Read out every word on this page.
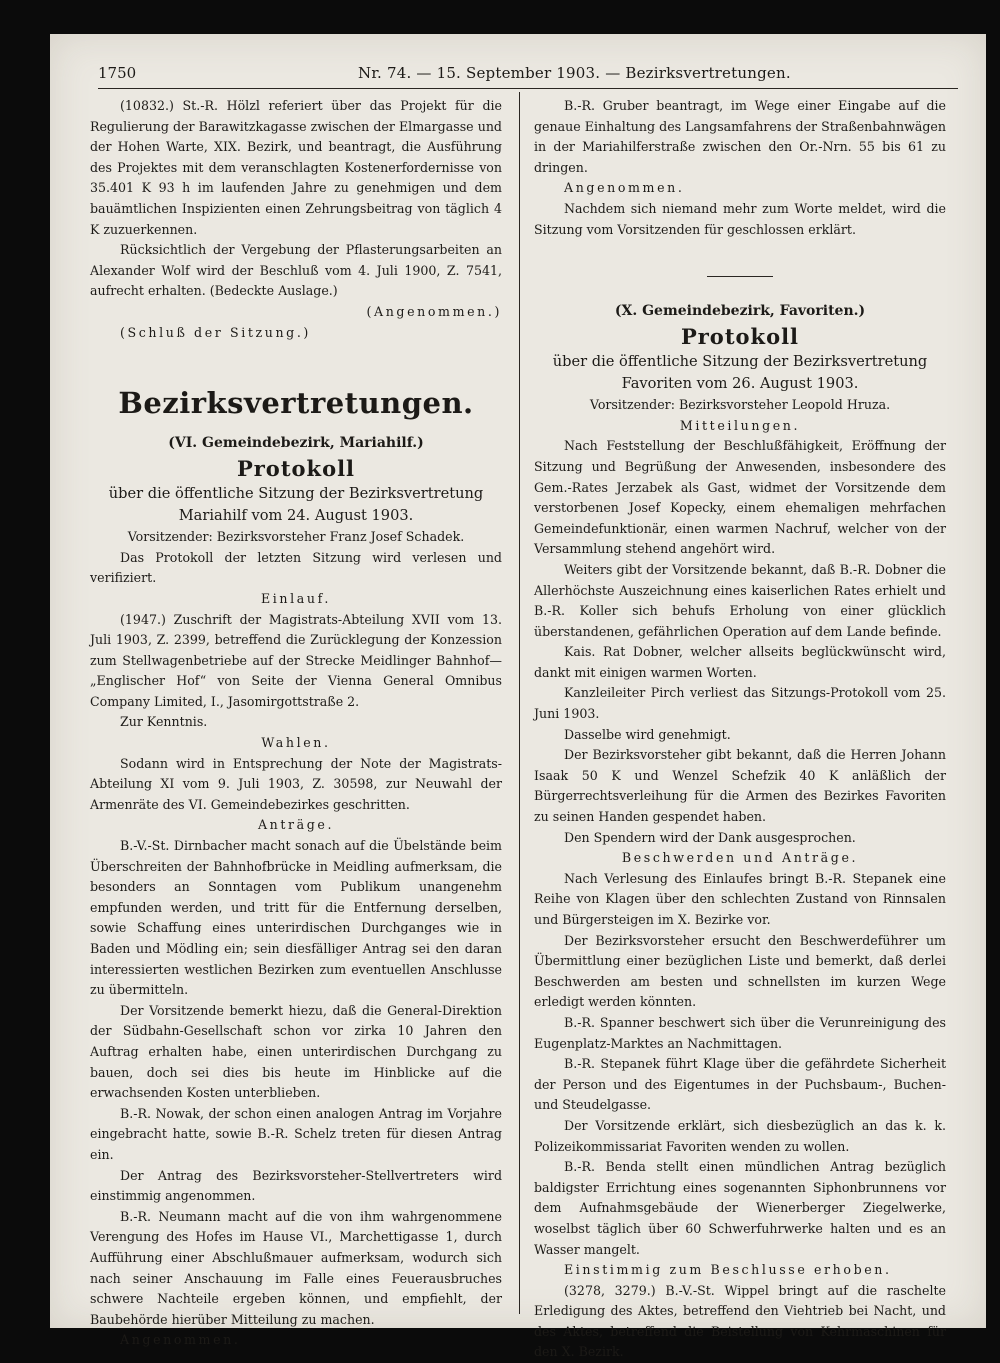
1750	Nr. 74. — 15. September 1903. — Bezirksvertretungen.

(10832.) St.-R. Hölzl referiert über das Projekt für die Regulierung der Barawitzkagasse zwischen der Elmargasse und der Hohen Warte, XIX. Bezirk, und beantragt, die Ausführung des Projektes mit dem veranschlagten Kostenerfordernisse von 35.401 K 93 h im laufenden Jahre zu genehmigen und dem bauämtlichen Inspizienten einen Zehrungsbeitrag von täglich 4 K zuzuerkennen.

Rücksichtlich der Vergebung der Pflasterungsarbeiten an Alexander Wolf wird der Beschluß vom 4. Juli 1900, Z. 7541, aufrecht erhalten. (Bedeckte Auslage.)

(Angenommen.)

(Schluß der Sitzung.)

Bezirksvertretungen.
(VI. Gemeindebezirk, Mariahilf.)
Protokoll
über die öffentliche Sitzung der Bezirksvertretung Mariahilf vom 24. August 1903.

Vorsitzender: Bezirksvorsteher Franz Josef Schadek.

Das Protokoll der letzten Sitzung wird verlesen und verifiziert.

Einlauf.

(1947.) Zuschrift der Magistrats-Abteilung XVII vom 13. Juli 1903, Z. 2399, betreffend die Zurücklegung der Konzession zum Stellwagenbetriebe auf der Strecke Meidlinger Bahnhof—„Englischer Hof“ von Seite der Vienna General Omnibus Company Limited, I., Jasomirgottstraße 2.

Zur Kenntnis.

Wahlen.

Sodann wird in Entsprechung der Note der Magistrats-Abteilung XI vom 9. Juli 1903, Z. 30598, zur Neuwahl der Armenräte des VI. Gemeindebezirkes geschritten.

Anträge.

B.-V.-St. Dirnbacher macht sonach auf die Übelstände beim Überschreiten der Bahnhofbrücke in Meidling aufmerksam, die besonders an Sonntagen vom Publikum unangenehm empfunden werden, und tritt für die Entfernung derselben, sowie Schaffung eines unterirdischen Durchganges wie in Baden und Mödling ein; sein diesfälliger Antrag sei den daran interessierten westlichen Bezirken zum eventuellen Anschlusse zu übermitteln.

Der Vorsitzende bemerkt hiezu, daß die General-Direktion der Südbahn-Gesellschaft schon vor zirka 10 Jahren den Auftrag erhalten habe, einen unterirdischen Durchgang zu bauen, doch sei dies bis heute im Hinblicke auf die erwachsenden Kosten unterblieben.

B.-R. Nowak, der schon einen analogen Antrag im Vorjahre eingebracht hatte, sowie B.-R. Schelz treten für diesen Antrag ein.

Der Antrag des Bezirksvorsteher-Stellvertreters wird einstimmig angenommen.

B.-R. Neumann macht auf die von ihm wahrgenommene Verengung des Hofes im Hause VI., Marchettigasse 1, durch Aufführung einer Abschlußmauer aufmerksam, wodurch sich nach seiner Anschauung im Falle eines Feuerausbruches schwere Nachteile ergeben können, und empfiehlt, der Baubehörde hierüber Mitteilung zu machen.

Angenommen.

B.-R. Gruber beantragt, im Wege einer Eingabe auf die genaue Einhaltung des Langsamfahrens der Straßenbahnwägen in der Mariahilferstraße zwischen den Or.-Nrn. 55 bis 61 zu dringen.

Angenommen.

Nachdem sich niemand mehr zum Worte meldet, wird die Sitzung vom Vorsitzenden für geschlossen erklärt.

(X. Gemeindebezirk, Favoriten.)
Protokoll
über die öffentliche Sitzung der Bezirksvertretung Favoriten vom 26. August 1903.

Vorsitzender: Bezirksvorsteher Leopold Hruza.

Mitteilungen.

Nach Feststellung der Beschlußfähigkeit, Eröffnung der Sitzung und Begrüßung der Anwesenden, insbesondere des Gem.-Rates Jerzabek als Gast, widmet der Vorsitzende dem verstorbenen Josef Kopecky, einem ehemaligen mehrfachen Gemeindefunktionär, einen warmen Nachruf, welcher von der Versammlung stehend angehört wird.

Weiters gibt der Vorsitzende bekannt, daß B.-R. Dobner die Allerhöchste Auszeichnung eines kaiserlichen Rates erhielt und B.-R. Koller sich behufs Erholung von einer glücklich überstandenen, gefährlichen Operation auf dem Lande befinde.

Kais. Rat Dobner, welcher allseits beglückwünscht wird, dankt mit einigen warmen Worten.

Kanzleileiter Pirch verliest das Sitzungs-Protokoll vom 25. Juni 1903.

Dasselbe wird genehmigt.

Der Bezirksvorsteher gibt bekannt, daß die Herren Johann Isaak 50 K und Wenzel Schefzik 40 K anläßlich der Bürgerrechtsverleihung für die Armen des Bezirkes Favoriten zu seinen Handen gespendet haben.

Den Spendern wird der Dank ausgesprochen.

Beschwerden und Anträge.

Nach Verlesung des Einlaufes bringt B.-R. Stepanek eine Reihe von Klagen über den schlechten Zustand von Rinnsalen und Bürgersteigen im X. Bezirke vor.

Der Bezirksvorsteher ersucht den Beschwerdeführer um Übermittlung einer bezüglichen Liste und bemerkt, daß derlei Beschwerden am besten und schnellsten im kurzen Wege erledigt werden könnten.

B.-R. Spanner beschwert sich über die Verunreinigung des Eugenplatz-Marktes an Nachmittagen.

B.-R. Stepanek führt Klage über die gefährdete Sicherheit der Person und des Eigentumes in der Puchsbaum-, Buchen- und Steudelgasse.

Der Vorsitzende erklärt, sich diesbezüglich an das k. k. Polizeikommissariat Favoriten wenden zu wollen.

B.-R. Benda stellt einen mündlichen Antrag bezüglich baldigster Errichtung eines sogenannten Siphonbrunnens vor dem Aufnahmsgebäude der Wienerberger Ziegelwerke, woselbst täglich über 60 Schwerfuhrwerke halten und es an Wasser mangelt.

Einstimmig zum Beschlusse erhoben.

(3278, 3279.) B.-V.-St. Wippel bringt auf die raschelte Erledigung des Aktes, betreffend den Viehtrieb bei Nacht, und des Aktes, betreffend die Beistellung von Kehrmaschinen für den X. Bezirk.
